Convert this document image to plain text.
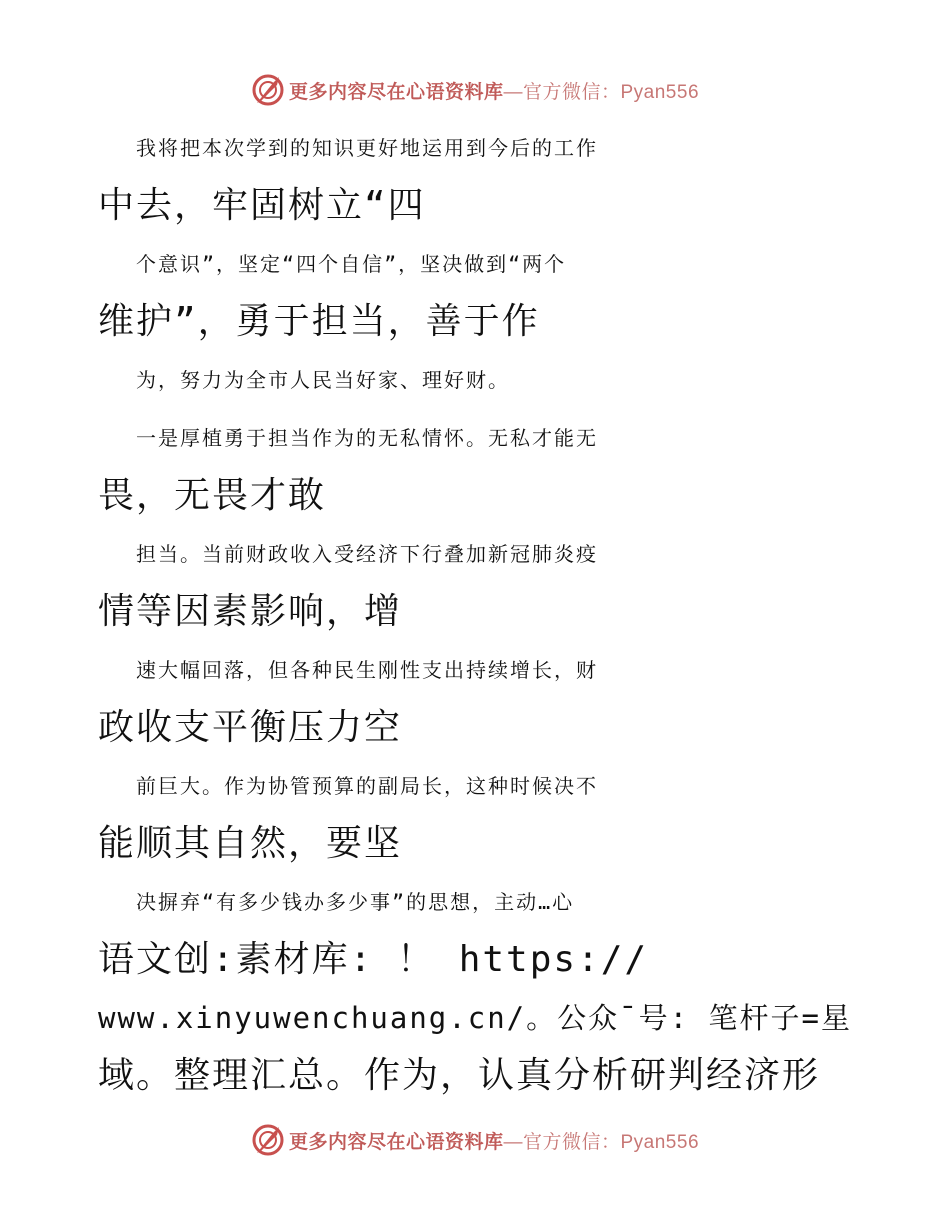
更多内容尽在心语资料库—官方微信：Pyan556
我将把本次学到的知识更好地运用到今后的工作
中去，牢固树立“四
个意识”，坚定“四个自信”，坚决做到“两个
维护”，勇于担当，善于作
为，努力为全市人民当好家、理好财。
一是厚植勇于担当作为的无私情怀。无私才能无
畏，无畏才敢
担当。当前财政收入受经济下行叠加新冠肺炎疫
情等因素影响，增
速大幅回落，但各种民生刚性支出持续增长，财
政收支平衡压力空
前巨大。作为协管预算的副局长，这种时候决不
能顺其自然，要坚
决摒弃“有多少钱办多少事”的思想，主动…心
语文创:素材库: ！ https://
www.xinyuwenchuang.cn/。公众¯号: 笔杆子=星
域。整理汇总。作为，认真分析研判经济形
更多内容尽在心语资料库—官方微信：Pyan556
